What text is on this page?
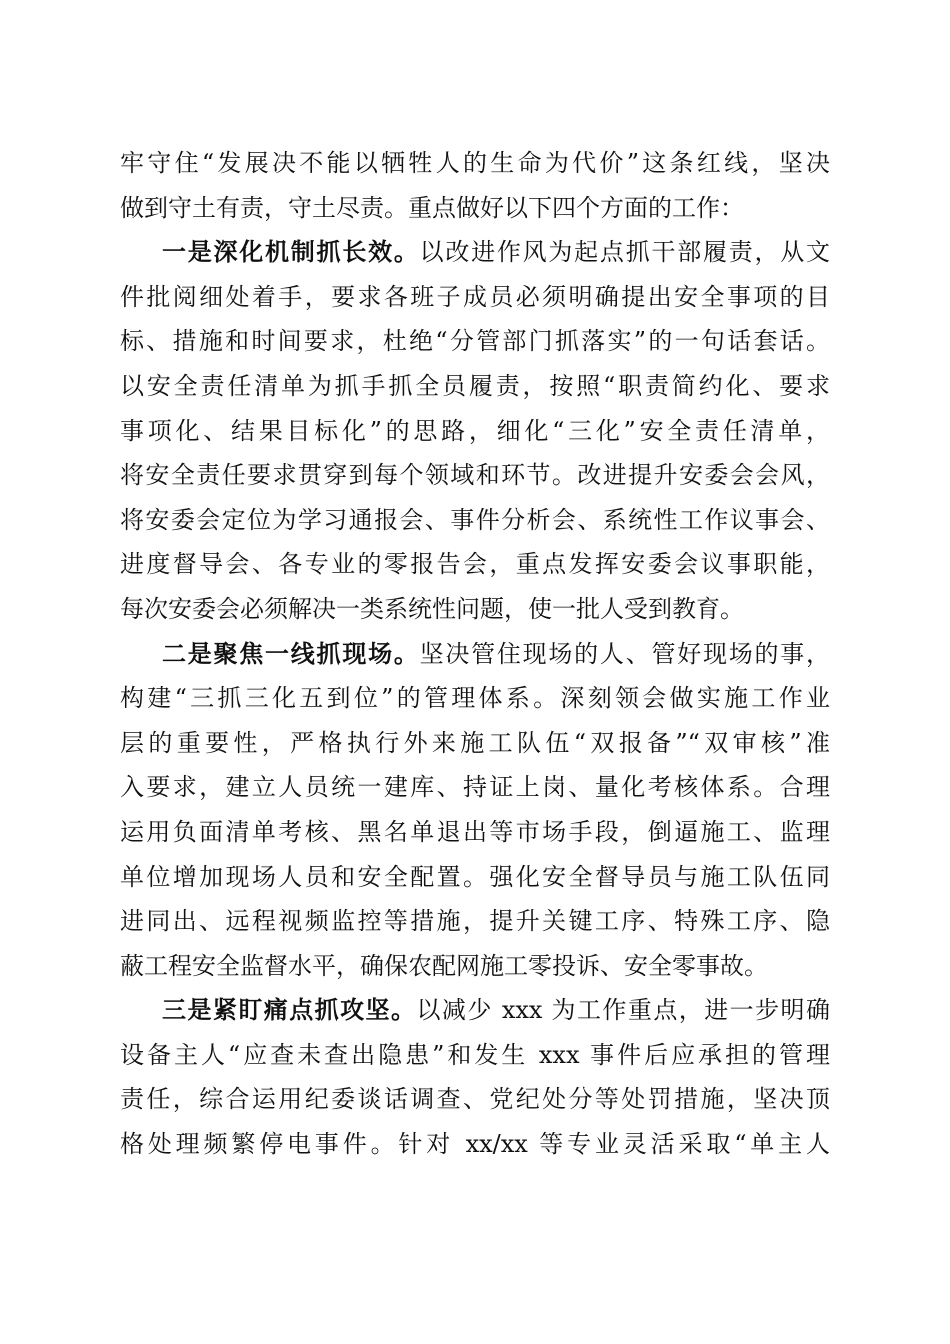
牢守住“发展决不能以牺牲人的生命为代价”这条红线，坚决
做到守土有责，守土尽责。重点做好以下四个方面的工作：
一是深化机制抓长效。以改进作风为起点抓干部履责，从文
件批阅细处着手，要求各班子成员必须明确提出安全事项的目
标、措施和时间要求，杜绝“分管部门抓落实”的一句话套话。
以安全责任清单为抓手抓全员履责，按照“职责简约化、要求
事项化、结果目标化”的思路，细化“三化”安全责任清单，
将安全责任要求贯穿到每个领域和环节。改进提升安委会会风，
将安委会定位为学习通报会、事件分析会、系统性工作议事会、
进度督导会、各专业的零报告会，重点发挥安委会议事职能，
每次安委会必须解决一类系统性问题，使一批人受到教育。
二是聚焦一线抓现场。坚决管住现场的人、管好现场的事，
构建“三抓三化五到位”的管理体系。深刻领会做实施工作业
层的重要性，严格执行外来施工队伍“双报备”“双审核”准
入要求，建立人员统一建库、持证上岗、量化考核体系。合理
运用负面清单考核、黑名单退出等市场手段，倒逼施工、监理
单位增加现场人员和安全配置。强化安全督导员与施工队伍同
进同出、远程视频监控等措施，提升关键工序、特殊工序、隐
蔽工程安全监督水平，确保农配网施工零投诉、安全零事故。
三是紧盯痛点抓攻坚。以减少 xxx 为工作重点，进一步明确
设备主人“应查未查出隐患”和发生 xxx 事件后应承担的管理
责任，综合运用纪委谈话调查、党纪处分等处罚措施，坚决顶
格处理频繁停电事件。针对 xx/xx 等专业灵活采取“单主人
